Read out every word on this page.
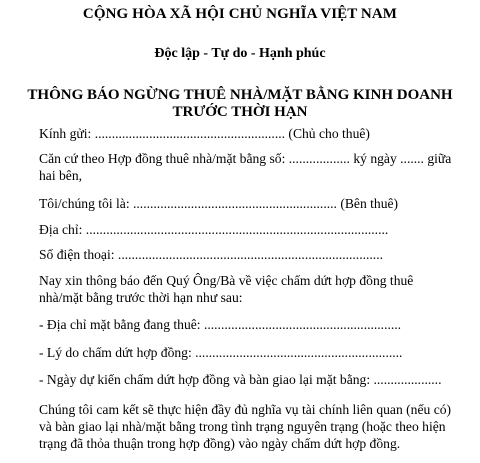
CỘNG HÒA XÃ HỘI CHỦ NGHĨA VIỆT NAM
Độc lập - Tự do - Hạnh phúc
THÔNG BÁO NGỪNG THUÊ NHÀ/MẶT BẰNG KINH DOANH
TRƯỚC THỜI HẠN
Kính gửi: ........................................................ (Chủ cho thuê)
Căn cứ theo Hợp đồng thuê nhà/mặt bằng số: .................. ký ngày ....... giữa
hai bên,
Tôi/chúng tôi là: ............................................................ (Bên thuê)
Địa chỉ: .........................................................................................
Số điện thoại: ..............................................................................
Nay xin thông báo đến Quý Ông/Bà về việc chấm dứt hợp đồng thuê
nhà/mặt bằng trước thời hạn như sau:
- Địa chỉ mặt bằng đang thuê: ..........................................................
- Lý do chấm dứt hợp đồng: .............................................................
- Ngày dự kiến chấm dứt hợp đồng và bàn giao lại mặt bằng: ....................
Chúng tôi cam kết sẽ thực hiện đầy đủ nghĩa vụ tài chính liên quan (nếu có)
và bàn giao lại nhà/mặt bằng trong tình trạng nguyên trạng (hoặc theo hiện
trạng đã thỏa thuận trong hợp đồng) vào ngày chấm dứt hợp đồng.
